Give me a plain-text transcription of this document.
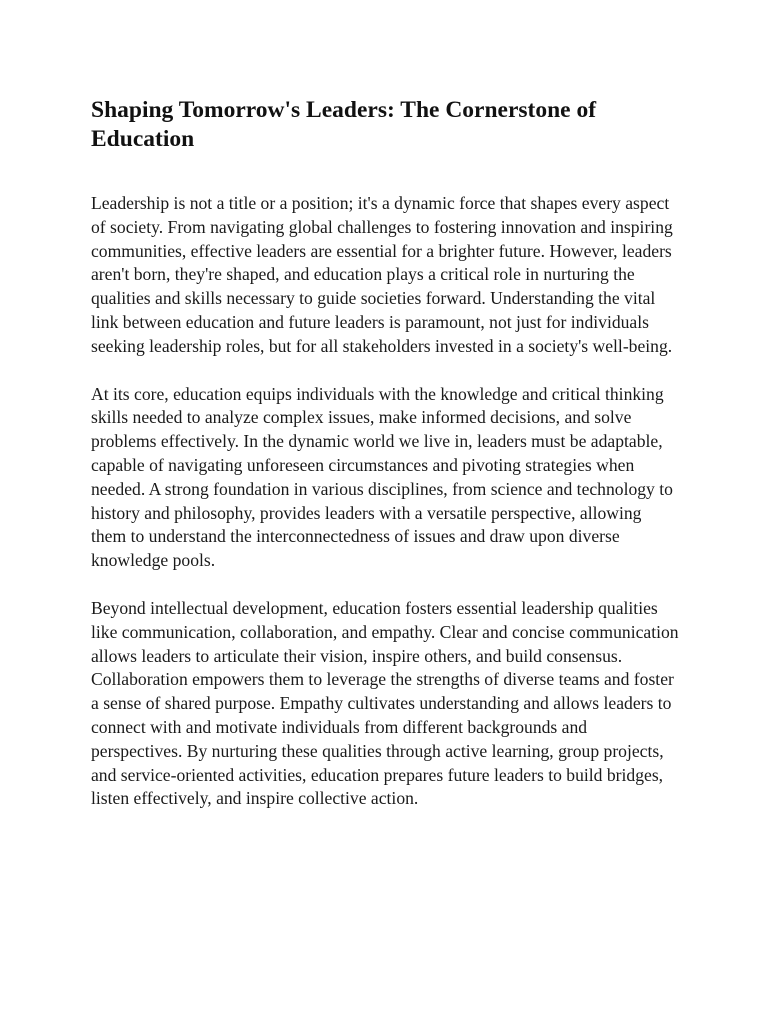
Shaping Tomorrow's Leaders: The Cornerstone of Education

Leadership is not a title or a position; it's a dynamic force that shapes every aspect of society. From navigating global challenges to fostering innovation and inspiring communities, effective leaders are essential for a brighter future. However, leaders aren't born, they're shaped, and education plays a critical role in nurturing the qualities and skills necessary to guide societies forward. Understanding the vital link between education and future leaders is paramount, not just for individuals seeking leadership roles, but for all stakeholders invested in a society's well-being.

At its core, education equips individuals with the knowledge and critical thinking skills needed to analyze complex issues, make informed decisions, and solve problems effectively. In the dynamic world we live in, leaders must be adaptable, capable of navigating unforeseen circumstances and pivoting strategies when needed. A strong foundation in various disciplines, from science and technology to history and philosophy, provides leaders with a versatile perspective, allowing them to understand the interconnectedness of issues and draw upon diverse knowledge pools.

Beyond intellectual development, education fosters essential leadership qualities like communication, collaboration, and empathy. Clear and concise communication allows leaders to articulate their vision, inspire others, and build consensus. Collaboration empowers them to leverage the strengths of diverse teams and foster a sense of shared purpose. Empathy cultivates understanding and allows leaders to connect with and motivate individuals from different backgrounds and perspectives. By nurturing these qualities through active learning, group projects, and service-oriented activities, education prepares future leaders to build bridges, listen effectively, and inspire collective action.
